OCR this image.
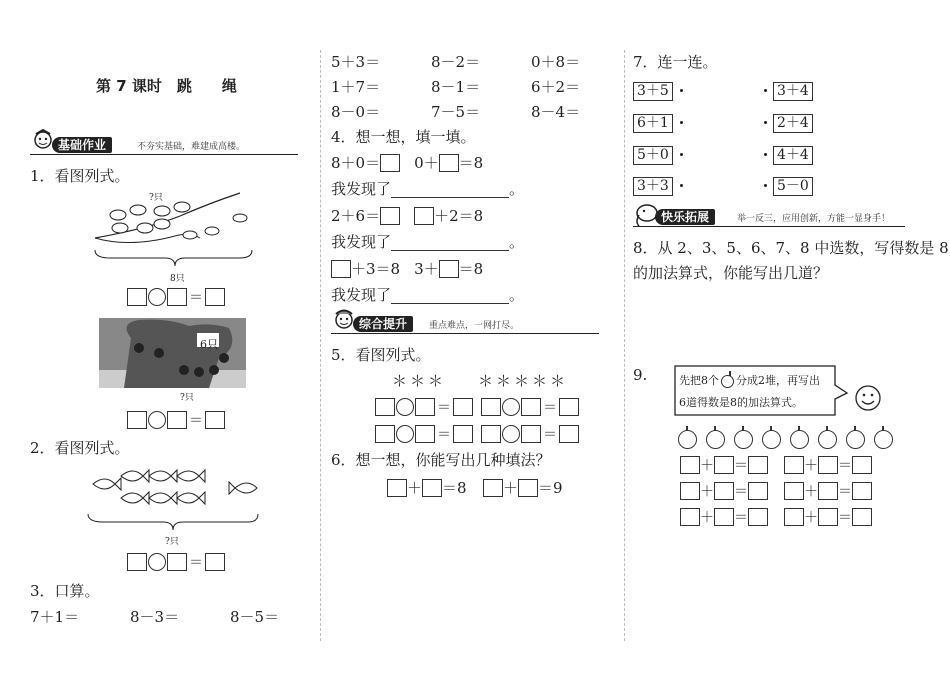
第 7 课时　跳　　绳
基础作业	不夯实基础，难建成高楼。
1．看图列式。
?只
8只
＝
6只
?只
＝
2．看图列式。
?只
＝
3．口算。
7＋1＝	8－3＝	8－5＝
5＋3＝	8－2＝	0＋8＝
1＋7＝	8－1＝	6＋2＝
8－0＝	7－5＝	8－4＝
4．想一想，填一填。
8＋0＝ 0＋ ＝8
我发现了	。
2＋6＝	＋2＝8
我发现了	。
＋3＝8 3＋ ＝8
我发现了	。
综合提升	重点难点，一网打尽。
5．看图列式。
＊＊＊ ＊＊＊＊＊
＝	＝
＝	＝
6．想一想，你能写出几种填法？
＋ ＝8 ＋ ＝9
7．连一连。
3＋5
6＋1
5＋0
3＋3
3＋4
2＋4
4＋4
5－0
快乐拓展	举一反三，应用创新，方能一显身手！
8．从 2、3、5、6、7、8 中选数，写得数是 8
的加法算式，你能写出几道？
9.	先把8个 分成2堆，再写出
6道得数是8的加法算式。
＋ ＝	＋ ＝
＋ ＝	＋ ＝
＋ ＝	＋ ＝
